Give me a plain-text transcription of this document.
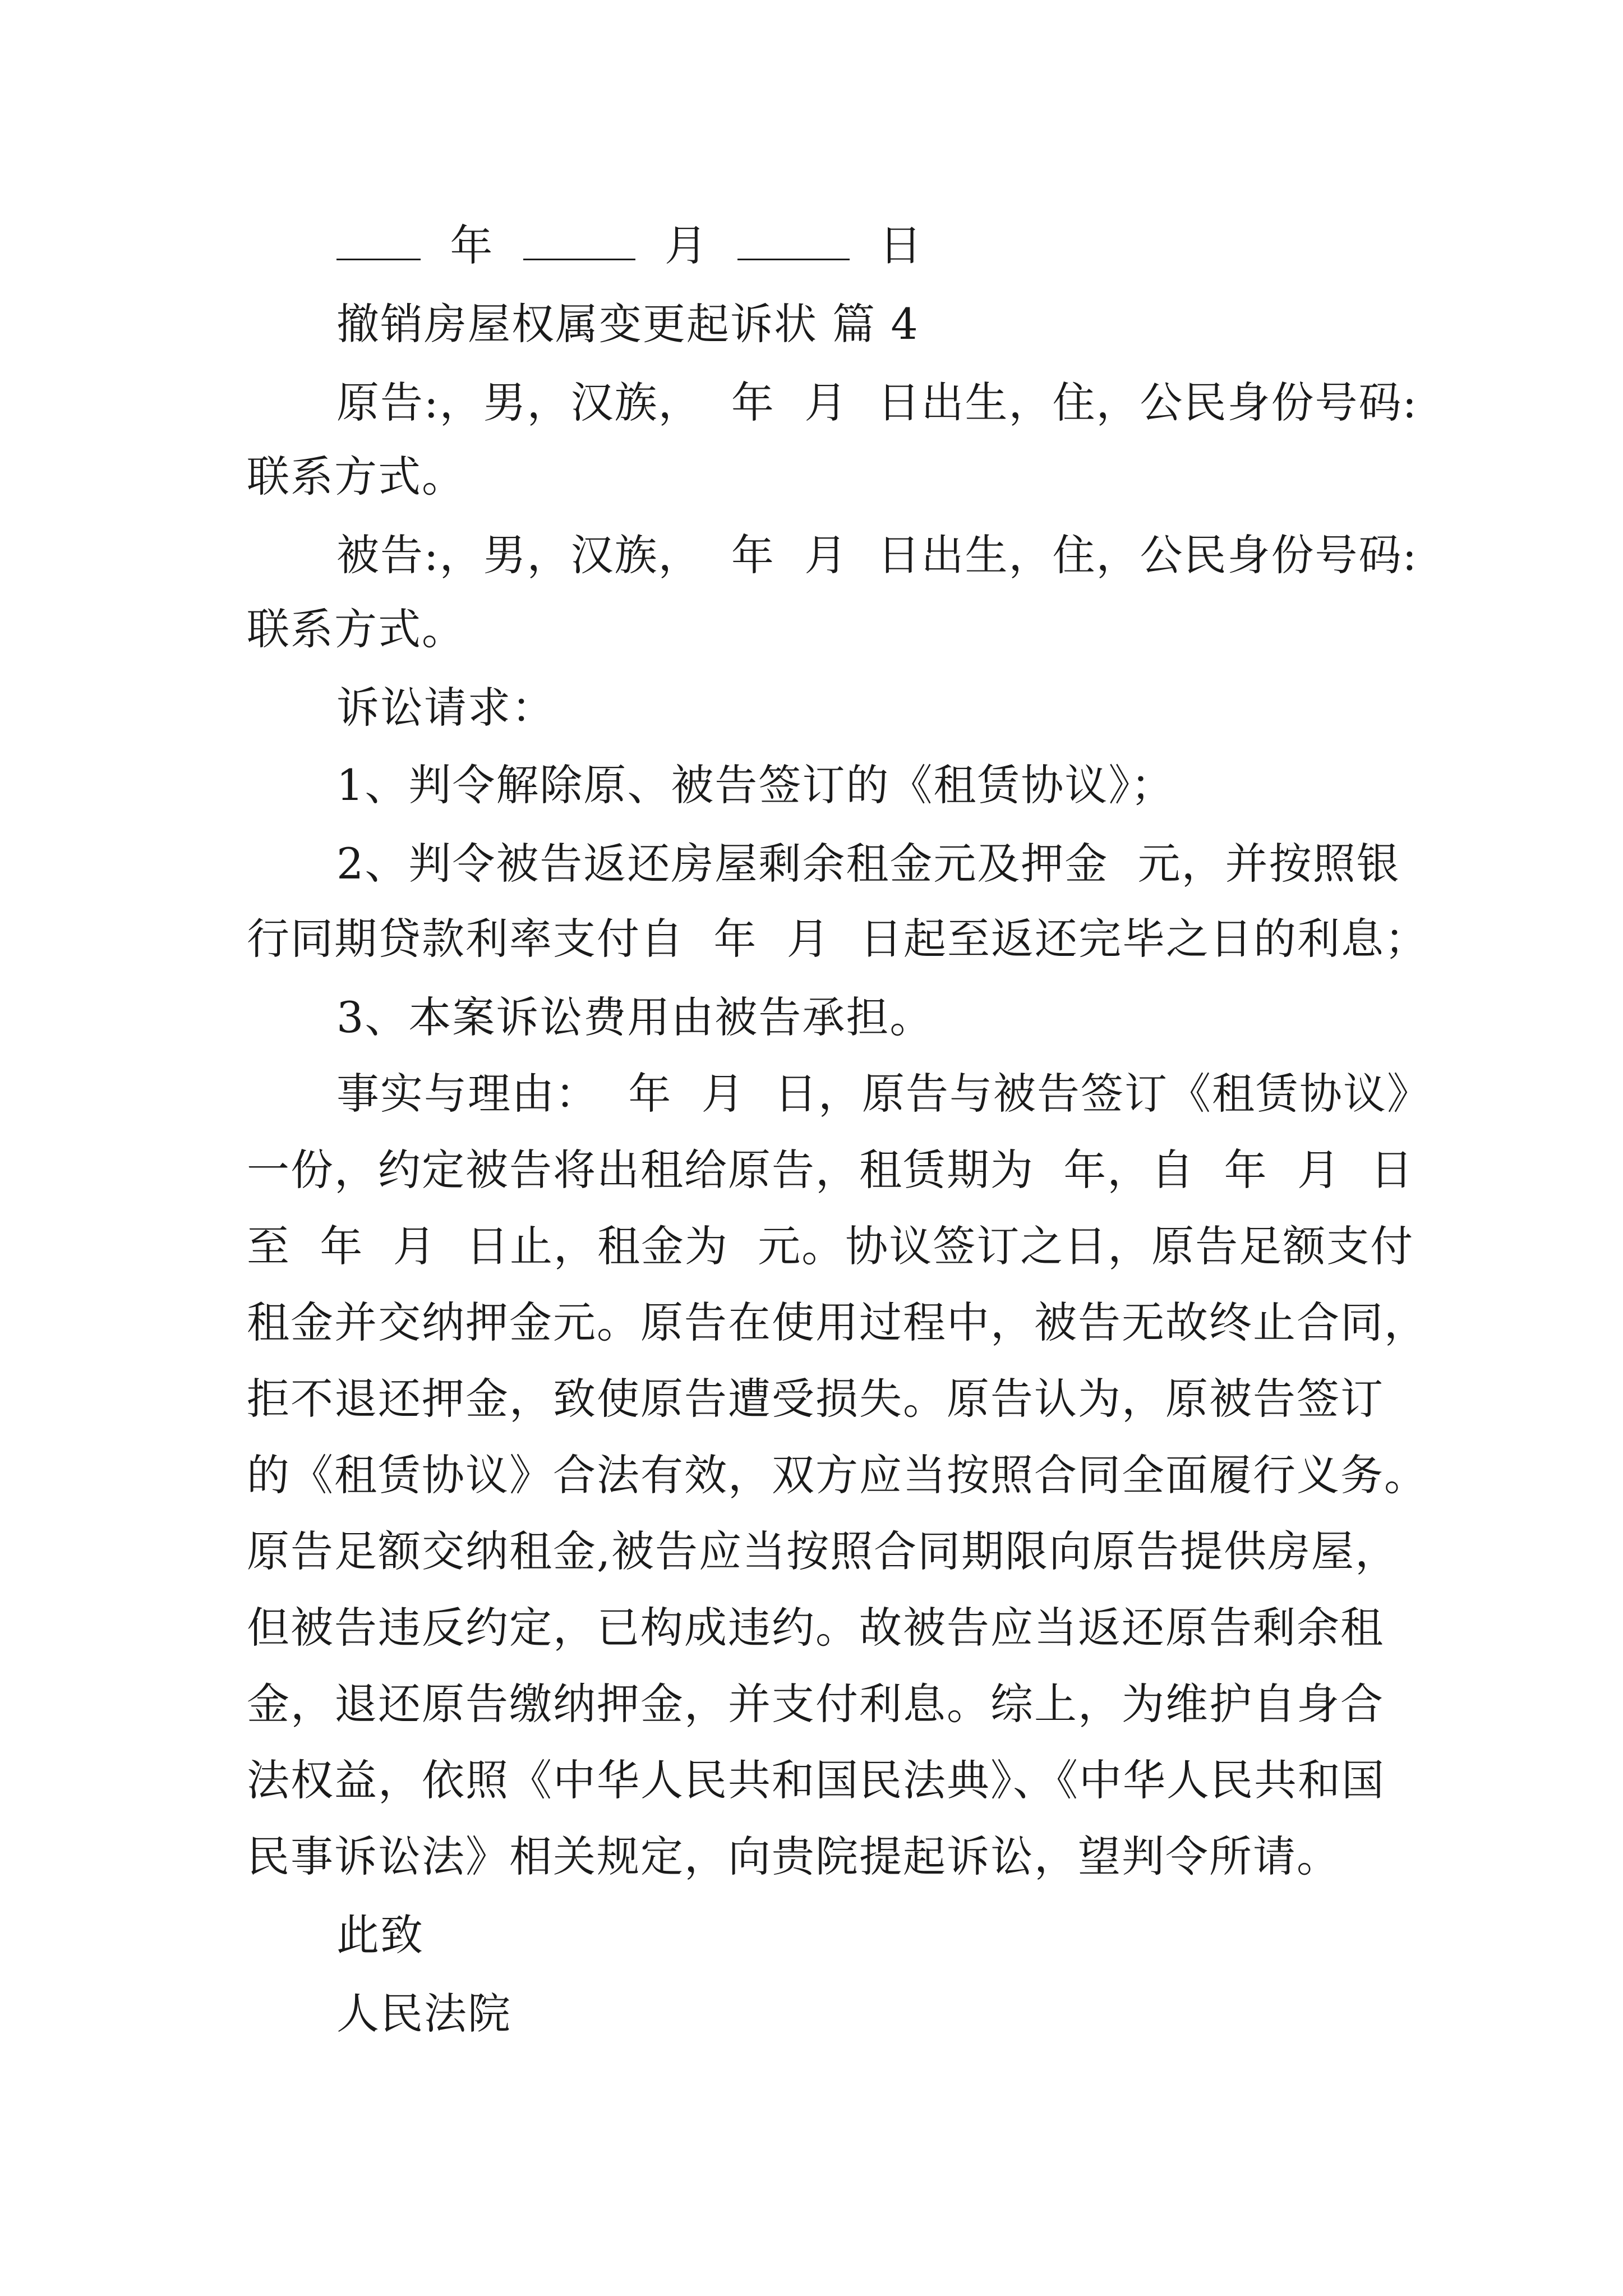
年	月	日
撤销房屋权属变更起诉状 篇 4
原告:，男，汉族，  年  月  日出生，住，公民身份号码:
联系方式。
被告:，男，汉族，  年  月  日出生，住，公民身份号码:
联系方式。
诉讼请求：
1、判令解除原、被告签订的《租赁协议》；
2、判令被告返还房屋剩余租金元及押金  元，并按照银
行同期贷款利率支付自  年  月  日起至返还完毕之日的利息；
3、本案诉讼费用由被告承担。
事实与理由：  年  月  日，原告与被告签订《租赁协议》
一份，约定被告将出租给原告，租赁期为  年，自  年  月  日
至  年  月  日止，租金为  元。协议签订之日，原告足额支付
租金并交纳押金元。原告在使用过程中，被告无故终止合同，
拒不退还押金，致使原告遭受损失。原告认为，原被告签订
的《租赁协议》合法有效，双方应当按照合同全面履行义务。
原告足额交纳租金,被告应当按照合同期限向原告提供房屋，
但被告违反约定，已构成违约。故被告应当返还原告剩余租
金，退还原告缴纳押金，并支付利息。综上，为维护自身合
法权益，依照《中华人民共和国民法典》、《中华人民共和国
民事诉讼法》相关规定，向贵院提起诉讼，望判令所请。
此致
人民法院
